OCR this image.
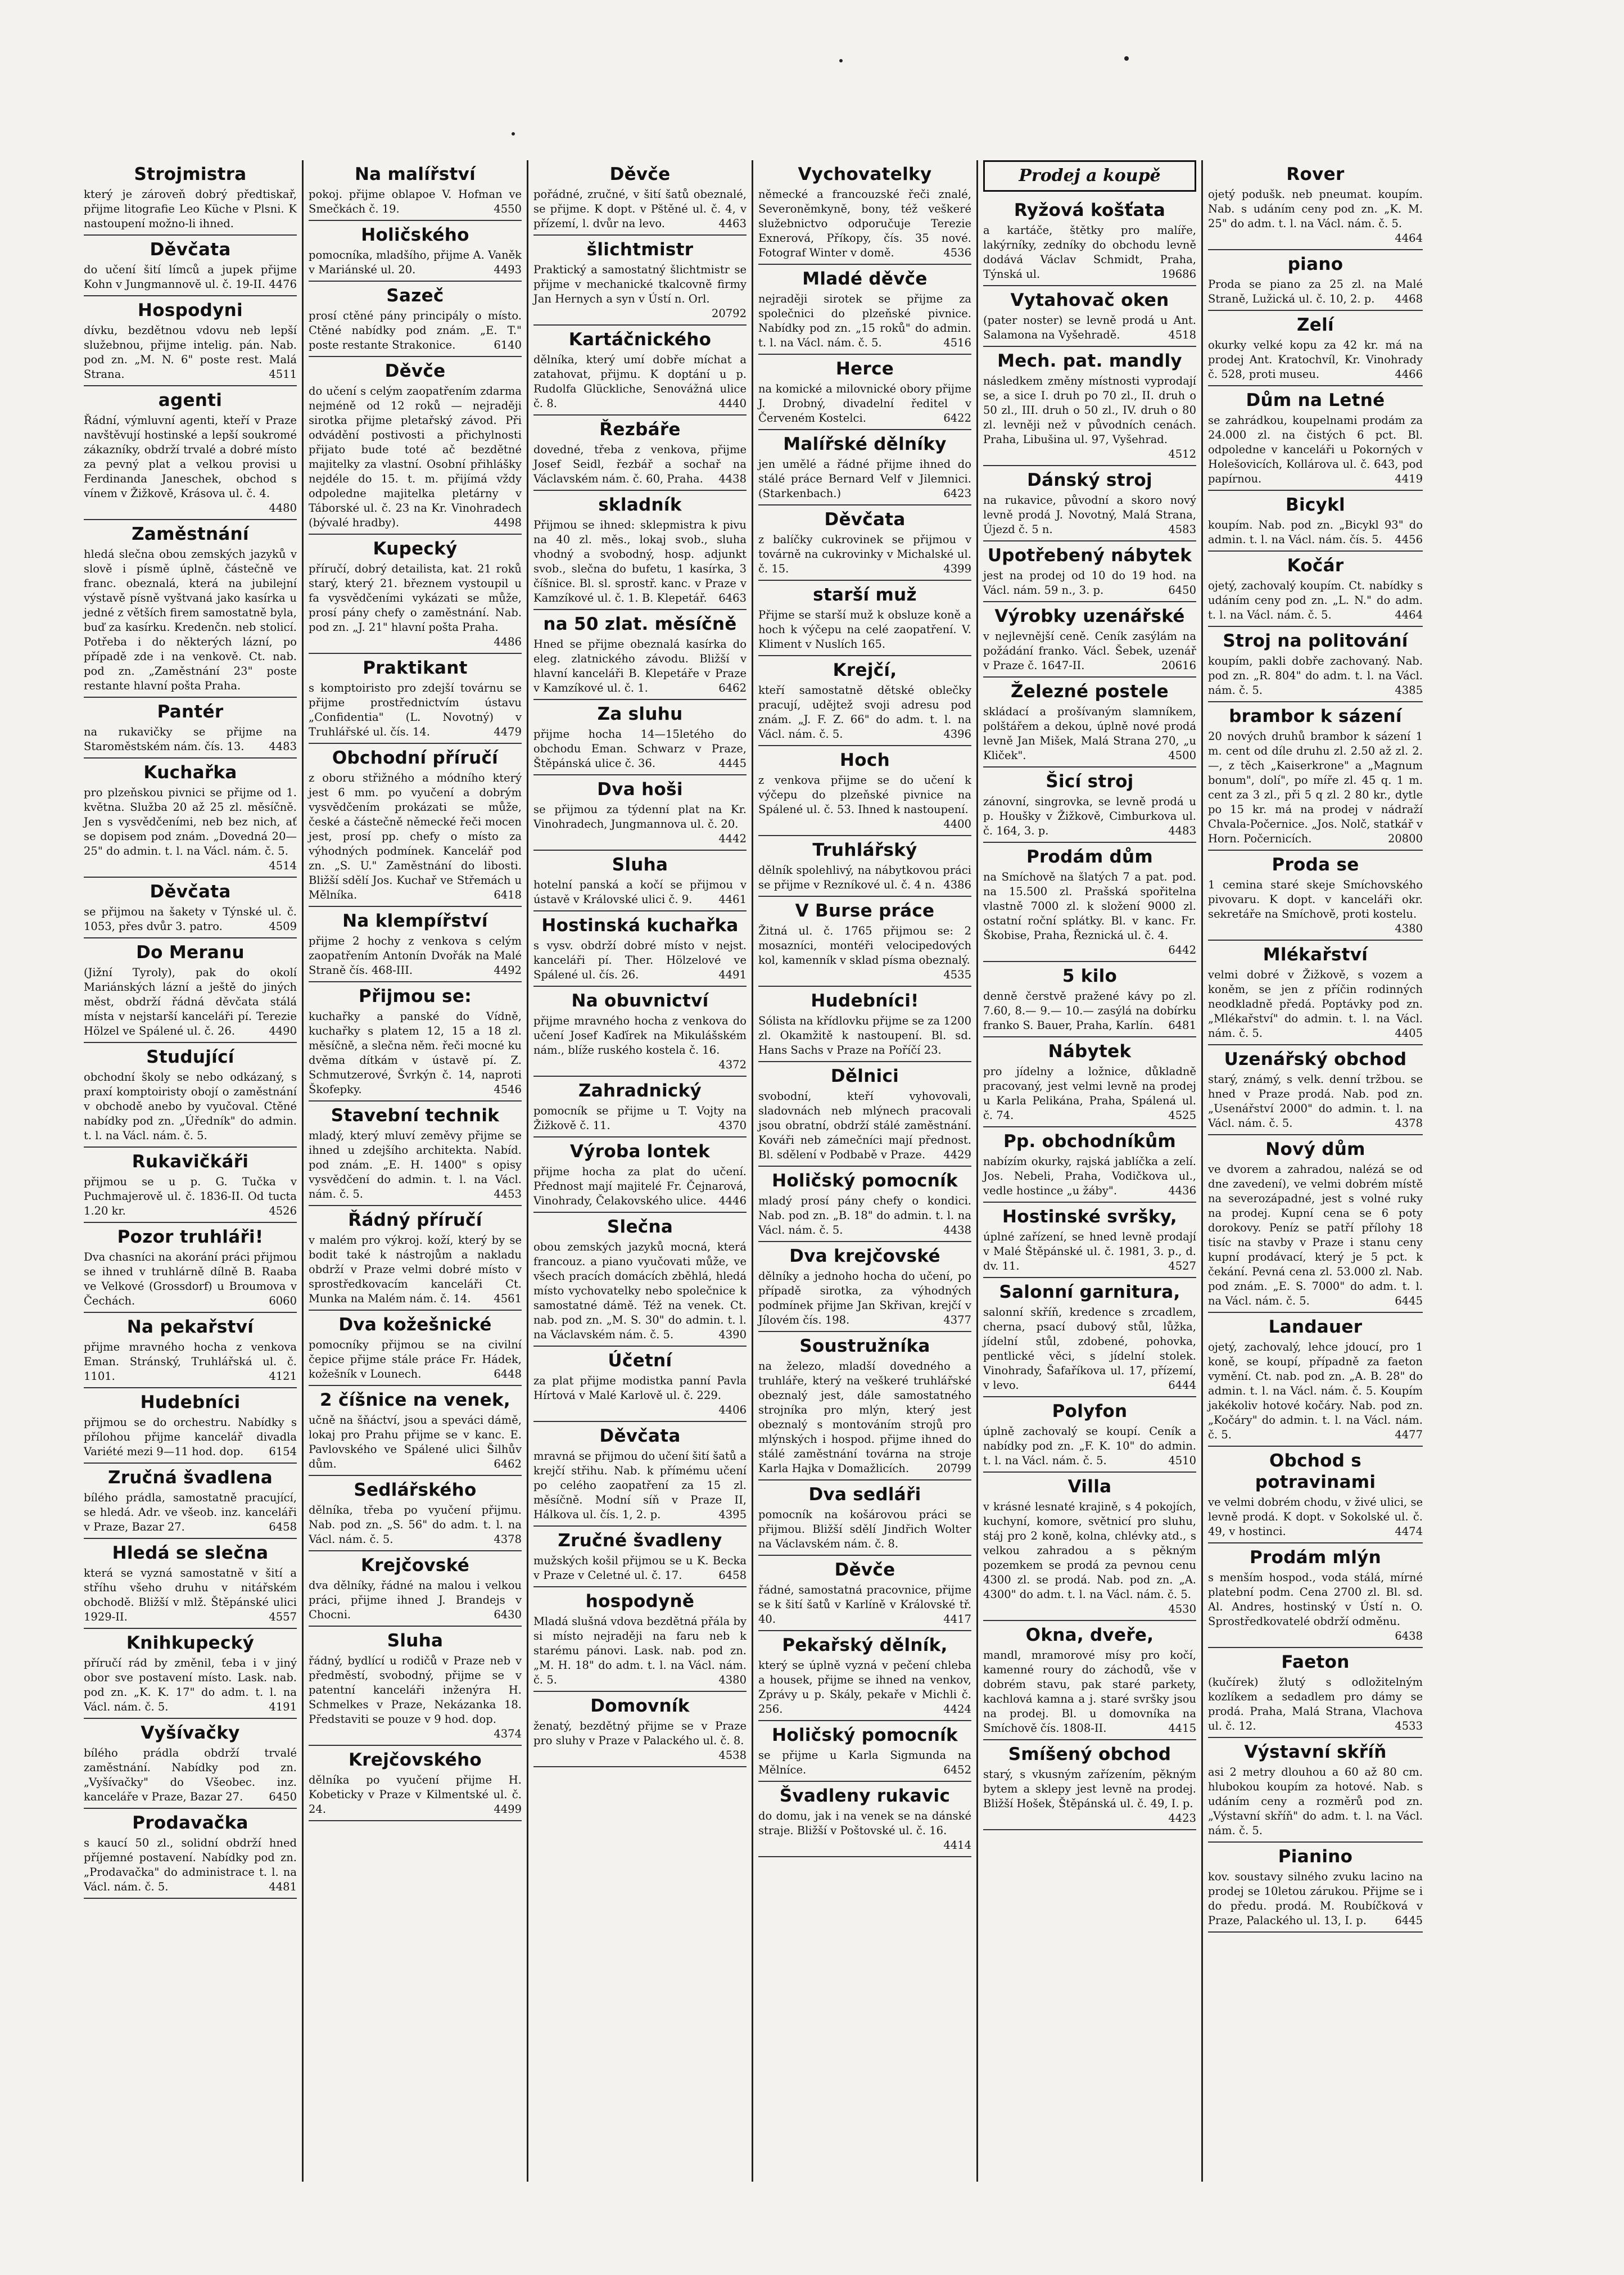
Strojmistra
který je zároveň dobrý předtiskař, přijme litografie Leo Küche v Plsni. K nastoupení možno-li ihned.
Děvčata
do učení šití límců a jupek přijme Kohn v Jungmannově ul. č. 19-II. 4476
Hospodyni
dívku, bezdětnou vdovu neb lepší služebnou, přijme intelig. pán. Nab. pod zn. „M. N. 6" poste rest. Malá Strana.	4511
agenti
Řádní, výmluvní agenti, kteří v Praze navštěvují hostinské a lepší soukromé zákazníky, obdrží trvalé a dobré místo za pevný plat a velkou provisi u Ferdinanda Janeschek, obchod s vínem v Žižkově, Krásova ul. č. 4.
4480
Zaměstnání
hledá slečna obou zemských jazyků v slově i písmě úplně, částečně ve franc. obeznalá, která na jubilejní výstavě písně vyštvaná jako kasírka u jedné z větších firem samostatně byla, buď za kasírku. Kredenčn. neb stolicí. Potřeba i do některých lázní, po případě zde i na venkově. Ct. nab. pod zn. „Zaměstnání 23" poste restante hlavní pošta Praha.
Pantér
na rukavičky se přijme na Staroměstském nám. čís. 13.	4483
Kuchařka
pro plzeňskou pivnici se přijme od 1. května. Služba 20 až 25 zl. měsíčně. Jen s vysvědčeními, neb bez nich, ať se dopisem pod znám. „Dovedná 20—25" do admin. t. l. na Václ. nám. č. 5.
4514
Děvčata
se přijmou na šakety v Týnské ul. č. 1053, přes dvůr 3. patro.	4509
Do Meranu
(Jižní Tyroly), pak do okolí Mariánských lázní a ještě do jiných měst, obdrží řádná děvčata stálá místa v nejstarší kanceláři pí. Terezie Hölzel ve Spálené ul. č. 26.	4490
Studující
obchodní školy se nebo odkázaný, s praxí komptoiristy obojí o zaměstnání v obchodě anebo by vyučoval. Ctěné nabídky pod zn. „Úředník" do admin. t. l. na Václ. nám. č. 5.
Rukavičkáři
přijmou se u p. G. Tučka v Puchmajerově ul. č. 1836-II. Od tucta 1.20 kr.	4526
Pozor truhláři!
Dva chasníci na akorání práci přijmou se ihned v truhlárně dílně B. Raaba ve Velkové (Grossdorf) u Broumova v Čechách.	6060
Na pekařství
přijme mravného hocha z venkova Eman. Stránský, Truhlářská ul. č. 1101.	4121
Hudebníci
přijmou se do orchestru. Nabídky s přílohou přijme kancelář divadla Variété mezi 9—11 hod. dop.	6154
Zručná švadlena
bílého prádla, samostatně pracující, se hledá. Adr. ve všeob. inz. kanceláři v Praze, Bazar 27.	6458
Hledá se slečna
která se vyzná samostatně v šití a stříhu všeho druhu v nitářském obchodě. Bližší v mlž. Štěpánské ulici 1929-II.	4557
Knihkupecký
příručí rád by změnil, ťeba i v jiný obor sve postavení místo. Lask. nab. pod zn. „K. K. 17" do adm. t. l. na Václ. nám. č. 5.	4191
Vyšívačky
bílého prádla obdrží trvalé zaměstnání. Nabídky pod zn. „Vyšívačky" do Všeobec. inz. kanceláře v Praze, Bazar 27.	6450
Prodavačka
s kaucí 50 zl., solidní obdrží hned příjemné postavení. Nabídky pod zn. „Prodavačka" do administrace t. l. na Václ. nám. č. 5.	4481
Na malířství
pokoj. přijme oblapoe V. Hofman ve Smečkách č. 19.	4550
Holičského
pomocníka, mladšího, přijme A. Vaněk v Mariánské ul. 20.	4493
Sazeč
prosí ctěné pány principály o místo. Ctěné nabídky pod znám. „E. T." poste restante Strakonice.	6140
Děvče
do učení s celým zaopatřením zdarma nejméně od 12 roků — nejraději sirotka přijme pletařský závod. Při odvádění postivosti a přichylnosti přijato bude toté ač bezdětné majitelky za vlastní. Osobní přihlášky nejdéle do 15. t. m. přijímá vždy odpoledne majitelka pletárny v Táborské ul. č. 23 na Kr. Vinohradech (bývalé hradby).	4498
Kupecký
příručí, dobrý detailista, kat. 21 roků starý, který 21. březnem vystoupil u fa vysvědčeními vykázati se může, prosí pány chefy o zaměstnání. Nab. pod zn. „J. 21" hlavní pošta Praha.
4486
Praktikant
s komptoiristo pro zdejší továrnu se přijme prostřednictvím ústavu „Confidentia" (L. Novotný) v Truhlářské ul. čís. 14.	4479
Obchodní příručí
z oboru střižného a módního který jest 6 mm. po vyučení a dobrým vysvědčením prokázati se může, české a částečně německé řeči mocen jest, prosí pp. chefy o místo za výhodných podmínek. Kancelář pod zn. „S. U." Zaměstnání do libosti. Bližší sdělí Jos. Kuchař ve Střemách u Mělníka.	6418
Na klempířství
přijme 2 hochy z venkova s celým zaopatřením Antonín Dvořák na Malé Straně čís. 468-III.	4492
Přijmou se:
kuchařky a panské do Vídně, kuchařky s platem 12, 15 a 18 zl. měsíčně, a slečna něm. řeči mocné ku dvěma dítkám v ústavě pí. Z. Schmutzerové, Švrkýn č. 14, naproti Škofepky.	4546
Stavební technik
mladý, který mluví zeměvy přijme se ihned u zdejšího architekta. Nabíd. pod znám. „E. H. 1400" s opisy vysvědčení do admin. t. l. na Václ. nám. č. 5.	4453
Řádný příručí
v malém pro výkroj. koží, který by se bodit také k nástrojům a nakladu obdrží v Praze velmi dobré místo v sprostředkovacím kanceláři Ct. Munka na Malém nám. č. 14.	4561
Dva kožešnické
pomocníky přijmou se na civilní čepice přijme stále práce Fr. Hádek, kožešník v Lounech.	6448
2 číšnice na venek,
učně na šňáctví, jsou a speváci dámě, lokaj pro Prahu přijme se v kanc. E. Pavlovského ve Spálené ulici Šilhův dům.	6462
Sedlářského
dělníka, třeba po vyučení přijmu. Nab. pod zn. „S. 56" do adm. t. l. na Václ. nám. č. 5.	4378
Krejčovské
dva dělníky, řádné na malou i velkou práci, přijme ihned J. Brandejs v Chocni.	6430
Sluha
řádný, bydlící u rodičů v Praze neb v předměstí, svobodný, přijme se v patentní kanceláři inženýra H. Schmelkes v Praze, Nekázanka 18. Představiti se pouze v 9 hod. dop.
4374
Krejčovského
dělníka po vyučení přijme H. Kobeticky v Praze v Kilmentské ul. č. 24.	4499
Děvče
pořádné, zručné, v šití šatů obeznalé, se přijme. K dopt. v Pštěné ul. č. 4, v přízemí, l. dvůr na levo.	4463
šlichtmistr
Praktický a samostatný šlichtmistr se přijme v mechanické tkalcovně firmy Jan Hernych a syn v Ústí n. Orl.
20792
Kartáčnického
dělníka, který umí dobře míchat a zatahovat, přijmu. K doptání u p. Rudolfa Glückliche, Senovážná ulice č. 8.	4440
Řezbáře
dovedné, třeba z venkova, přijme Josef Seidl, řezbář a sochař na Václavském nám. č. 60, Praha.	4438
skladník
Přijmou se ihned: sklepmistra k pivu na 40 zl. měs., lokaj svob., sluha vhodný a svobodný, hosp. adjunkt svob., slečna do bufetu, 1 kasírka, 3 číšnice. Bl. sl. sprostř. kanc. v Praze v Kamzíkové ul. č. 1. B. Klepetář.	6463
na 50 zlat. měsíčně
Hned se přijme obeznalá kasírka do eleg. zlatnického závodu. Bližší v hlavní kanceláři B. Klepetáře v Praze v Kamzíkové ul. č. 1.	6462
Za sluhu
přijme hocha 14—15letého do obchodu Eman. Schwarz v Praze, Štěpánská ulice č. 36.	4445
Dva hoši
se přijmou za týdenní plat na Kr. Vinohradech, Jungmannova ul. č. 20.
4442
Sluha
hotelní panská a kočí se přijmou v ústavě v Královské ulici č. 9.	4461
Hostinská kuchařka
s vysv. obdrží dobré místo v nejst. kanceláři pí. Ther. Hölzelové ve Spálené ul. čís. 26.	4491
Na obuvnictví
přijme mravného hocha z venkova do učení Josef Kaďírek na Mikulášském nám., blíže ruského kostela č. 16.
4372
Zahradnický
pomocník se přijme u T. Vojty na Žižkově č. 11.	4370
Výroba lontek
přijme hocha za plat do učení. Přednost mají majitelé Fr. Čejnarová, Vinohrady, Čelakovského ulice.	4446
Slečna
obou zemských jazyků mocná, která francouz. a piano vyučovati může, ve všech pracích domácích zběhlá, hledá místo vychovatelky nebo společnice k samostatné dámě. Též na venek. Ct. nab. pod zn. „M. S. 30" do admin. t. l. na Václavském nám. č. 5.	4390
Účetní
za plat přijme modistka panní Pavla Hírtová v Malé Karlově ul. č. 229.
4406
Děvčata
mravná se přijmou do učení šití šatů a krejčí střihu. Nab. k přímému učení po celého zaopatření za 15 zl. měsíčně. Modní síň v Praze II, Hálkova ul. čís. 1, 2. p.	4395
Zručné švadleny
mužských košil přijmou se u K. Becka v Praze v Celetné ul. č. 17.	6458
hospodyně
Mladá slušná vdova bezdětná přála by si místo nejraději na faru neb k starému pánovi. Lask. nab. pod zn. „M. H. 18" do adm. t. l. na Václ. nám. č. 5.	4380
Domovník
ženatý, bezdětný přijme se v Praze pro sluhy v Praze v Palackého ul. č. 8.
4538
Vychovatelky
německé a francouzské řeči znalé, Severoněmkyně, bony, též veškeré služebnictvo odporučuje Terezie Exnerová, Příkopy, čís. 35 nové. Fotograf Winter v domě.	4536
Mladé děvče
nejraději sirotek se přijme za společnici do plzeňské pivnice. Nabídky pod zn. „15 roků" do admin. t. l. na Václ. nám. č. 5.	4516
Herce
na komické a milovnické obory přijme J. Drobný, divadelní ředitel v Červeném Kostelci.	6422
Malířské dělníky
jen umělé a řádné přijme ihned do stálé práce Bernard Velf v Jilemnici. (Starkenbach.)	6423
Děvčata
z balíčky cukrovinek se přijmou v továrně na cukrovinky v Michalské ul. č. 15.	4399
starší muž
Přijme se starší muž k obsluze koně a hoch k výčepu na celé zaopatření. V. Kliment v Nuslích 165.
Krejčí,
kteří samostatně dětské oblečky pracují, udějtež svoji adresu pod znám. „J. F. Z. 66" do adm. t. l. na Václ. nám. č. 5.	4396
Hoch
z venkova přijme se do učení k výčepu do plzeňské pivnice na Spálené ul. č. 53. Ihned k nastoupení.
4400
Truhlářský
dělník spolehlivý, na nábytkovou práci se přijme v Rezníkové ul. č. 4 n. 4386
V Burse práce
Žitná ul. č. 1765 přijmou se: 2 mosazníci, montéři velocipedových kol, kamenník v sklad písma obeznalý.
4535
Hudebníci!
Sólista na křídlovku přijme se za 1200 zl. Okamžitě k nastoupení. Bl. sd. Hans Sachs v Praze na Poříčí 23.
Dělnici
svobodní, kteří vyhovovali, sladovnách neb mlýnech pracovali jsou obratní, obdrží stálé zaměstnání. Kováři neb zámečníci mají přednost. Bl. sdělení v Podbabě v Praze.	4429
Holičský pomocník
mladý prosí pány chefy o kondici. Nab. pod zn. „B. 18" do admin. t. l. na Václ. nám. č. 5.	4438
Dva krejčovské
dělníky a jednoho hocha do učení, po případě sirotka, za výhodných podmínek přijme Jan Skřivan, krejčí v Jílovém čís. 198.	4377
Soustružníka
na železo, mladší dovedného a truhláře, který na veškeré truhlářské obeznalý jest, dále samostatného strojníka pro mlýn, který jest obeznalý s montováním strojů pro mlýnských i hospod. přijme ihned do stálé zaměstnání továrna na stroje Karla Hajka v Domažlicích.	20799
Dva sedláři
pomocník na košárovou práci se přijmou. Bližší sdělí Jindřich Wolter na Václavském nám. č. 8.
Děvče
řádné, samostatná pracovnice, přijme se k šití šatů v Karlíně v Královské tř. 40.	4417
Pekařský dělník,
který se úplně vyzná v pečení chleba a housek, přijme se ihned na venkov, Zprávy u p. Skály, pekaře v Michli č. 256.	4424
Holičský pomocník
se přijme u Karla Sigmunda na Mělníce.	6452
Švadleny rukavic
do domu, jak i na venek se na dánské straje. Bližší v Poštovské ul. č. 16.
4414
Prodej a koupě
Ryžová košťata
a kartáče, štětky pro malíře, lakýrníky, zedníky do obchodu levně dodává Václav Schmidt, Praha, Týnská ul.	19686
Vytahovač oken
(pater noster) se levně prodá u Ant. Salamona na Vyšehradě.	4518
Mech. pat. mandly
následkem změny místnosti vyprodají se, a sice I. druh po 70 zl., II. druh o 50 zl., III. druh o 50 zl., IV. druh o 80 zl. levněji než v původních cenách. Praha, Libušina ul. 97, Vyšehrad.
4512
Dánský stroj
na rukavice, původní a skoro nový levně prodá J. Novotný, Malá Strana, Újezd č. 5 n.	4583
Upotřebený nábytek
jest na prodej od 10 do 19 hod. na Václ. nám. 59 n., 3. p.	6450
Výrobky uzenářské
v nejlevnější ceně. Ceník zasýlám na požádání franko. Václ. Šebek, uzenář v Praze č. 1647-II.	20616
Železné postele
skládací a prošívaným slamníkem, polštářem a dekou, úplně nové prodá levně Jan Mišek, Malá Strana 270, „u Kliček".	4500
Šicí stroj
zánovní, singrovka, se levně prodá u p. Houšky v Žižkově, Cimburkova ul. č. 164, 3. p.	4483
Prodám dům
na Smíchově na šlatých 7 a pat. pod. na 15.500 zl. Prašská spořitelna vlastně 7000 zl. k složení 9000 zl. ostatní roční splátky. Bl. v kanc. Fr. Škobise, Praha, Řeznická ul. č. 4.
6442
5 kilo
denně čerstvě pražené kávy po zl. 7.60, 8.— 9.— 10.— zasýlá na dobírku franko S. Bauer, Praha, Karlín.	6481
Nábytek
pro jídelny a ložnice, důkladně pracovaný, jest velmi levně na prodej u Karla Pelikána, Praha, Spálená ul. č. 74.	4525
Pp. obchodníkům
nabízím okurky, rajská jablíčka a zelí. Jos. Nebeli, Praha, Vodičkova ul., vedle hostince „u žáby".	4436
Hostinské svršky,
úplné zařízení, se hned levně prodají v Malé Štěpánské ul. č. 1981, 3. p., d. dv. 11.	4527
Salonní garnitura,
salonní skříň, kredence s zrcadlem, cherna, psací dubový stůl, lůžka, jídelní stůl, zdobené, pohovka, pentlické věci, s jídelní stolek. Vinohrady, Šafaříkova ul. 17, přízemí, v levo.	6444
Polyfon
úplně zachovalý se koupí. Ceník a nabídky pod zn. „F. K. 10" do admin. t. l. na Václ. nám. č. 5.	4510
Villa
v krásné lesnaté krajině, s 4 pokojích, kuchyní, komore, světnicí pro sluhu, stáj pro 2 koně, kolna, chlévky atd., s velkou zahradou a s pěkným pozemkem se prodá za pevnou cenu 4300 zl. se prodá. Nab. pod zn. „A. 4300" do adm. t. l. na Václ. nám. č. 5.
4530
Okna, dveře,
mandl, mramorové mísy pro kočí, kamenné roury do záchodů, vše v dobrém stavu, pak staré parkety, kachlová kamna a j. staré svršky jsou na prodej. Bl. u domovníka na Smíchově čís. 1808-II.	4415
Smíšený obchod
starý, s vkusným zařízením, pěkným bytem a sklepy jest levně na prodej. Bližší Hošek, Štěpánská ul. č. 49, I. p.
4423
Rover
ojetý podušk. neb pneumat. koupím. Nab. s udáním ceny pod zn. „K. M. 25" do adm. t. l. na Václ. nám. č. 5.
4464
piano
Proda se piano za 25 zl. na Malé Straně, Lužická ul. č. 10, 2. p.	4468
Zelí
okurky velké kopu za 42 kr. má na prodej Ant. Kratochvíl, Kr. Vinohrady č. 528, proti museu.	4466
Dům na Letné
se zahrádkou, koupelnami prodám za 24.000 zl. na čistých 6 pct. Bl. odpoledne v kanceláři u Pokorných v Holešovicích, Kollárova ul. č. 643, pod papírnou.	4419
Bicykl
koupím. Nab. pod zn. „Bicykl 93" do admin. t. l. na Václ. nám. čís. 5.	4456
Kočár
ojetý, zachovalý koupím. Ct. nabídky s udáním ceny pod zn. „L. N." do adm. t. l. na Václ. nám. č. 5.	4464
Stroj na politování
koupím, pakli dobře zachovaný. Nab. pod zn. „R. 804" do adm. t. l. na Václ. nám. č. 5.	4385
brambor k sázení
20 nových druhů brambor k sázení 1 m. cent od díle druhu zl. 2.50 až zl. 2.—, z těch „Kaiserkrone" a „Magnum bonum", dolí", po míře zl. 45 q. 1 m. cent za 3 zl., při 5 q zl. 2 80 kr., dytle po 15 kr. má na prodej v nádraží Chvala-Počernice. „Jos. Nolč, statkář v Horn. Počernicích.	20800
Proda se
1 cemina staré skeje Smíchovského pivovaru. K dopt. v kanceláři okr. sekretáře na Smíchově, proti kostelu.
4380
Mlékařství
velmi dobré v Žižkově, s vozem a koněm, se jen z příčin rodinných neodkladně předá. Poptávky pod zn. „Mlékařství" do admin. t. l. na Václ. nám. č. 5.	4405
Uzenářský obchod
starý, známý, s velk. denní tržbou. se hned v Praze prodá. Nab. pod zn. „Usenářství 2000" do admin. t. l. na Václ. nám. č. 5.	4378
Nový dům
ve dvorem a zahradou, nalézá se od dne zavedení), ve velmi dobrém místě na severozápadné, jest s volné ruky na prodej. Kupní cena se 6 poty dorokovy. Peníz se patří přílohy 18 tisíc na stavby v Praze i stanu ceny kupní prodávací, který je 5 pct. k čekání. Pevná cena zl. 53.000 zl. Nab. pod znám. „E. S. 7000" do adm. t. l. na Václ. nám. č. 5.	6445
Landauer
ojetý, zachovalý, lehce jdoucí, pro 1 koně, se koupí, případně za faeton vymění. Ct. nab. pod zn. „A. B. 28" do admin. t. l. na Václ. nám. č. 5. Koupím jakékoliv hotové kočáry. Nab. pod zn. „Kočáry" do admin. t. l. na Václ. nám. č. 5.	4477
Obchod s potravinami
ve velmi dobrém chodu, v živé ulici, se levně prodá. K dopt. v Sokolské ul. č. 49, v hostinci.	4474
Prodám mlýn
s menším hospod., voda stálá, mírné platební podm. Cena 2700 zl. Bl. sd. Al. Andres, hostinský v Ústí n. O. Sprostředkovatelé obdrží odměnu.
6438
Faeton
(kučírek) žlutý s odložitelným kozlíkem a sedadlem pro dámy se prodá. Praha, Malá Strana, Vlachova ul. č. 12.	4533
Výstavní skříň
asi 2 metry dlouhou a 60 až 80 cm. hlubokou koupím za hotové. Nab. s udáním ceny a rozměrů pod zn. „Výstavní skříň" do adm. t. l. na Václ. nám. č. 5.
Pianino
kov. soustavy silného zvuku lacino na prodej se 10letou zárukou. Přijme se i do předu. prodá. M. Roubíčková v Praze, Palackého ul. 13, I. p.	6445
